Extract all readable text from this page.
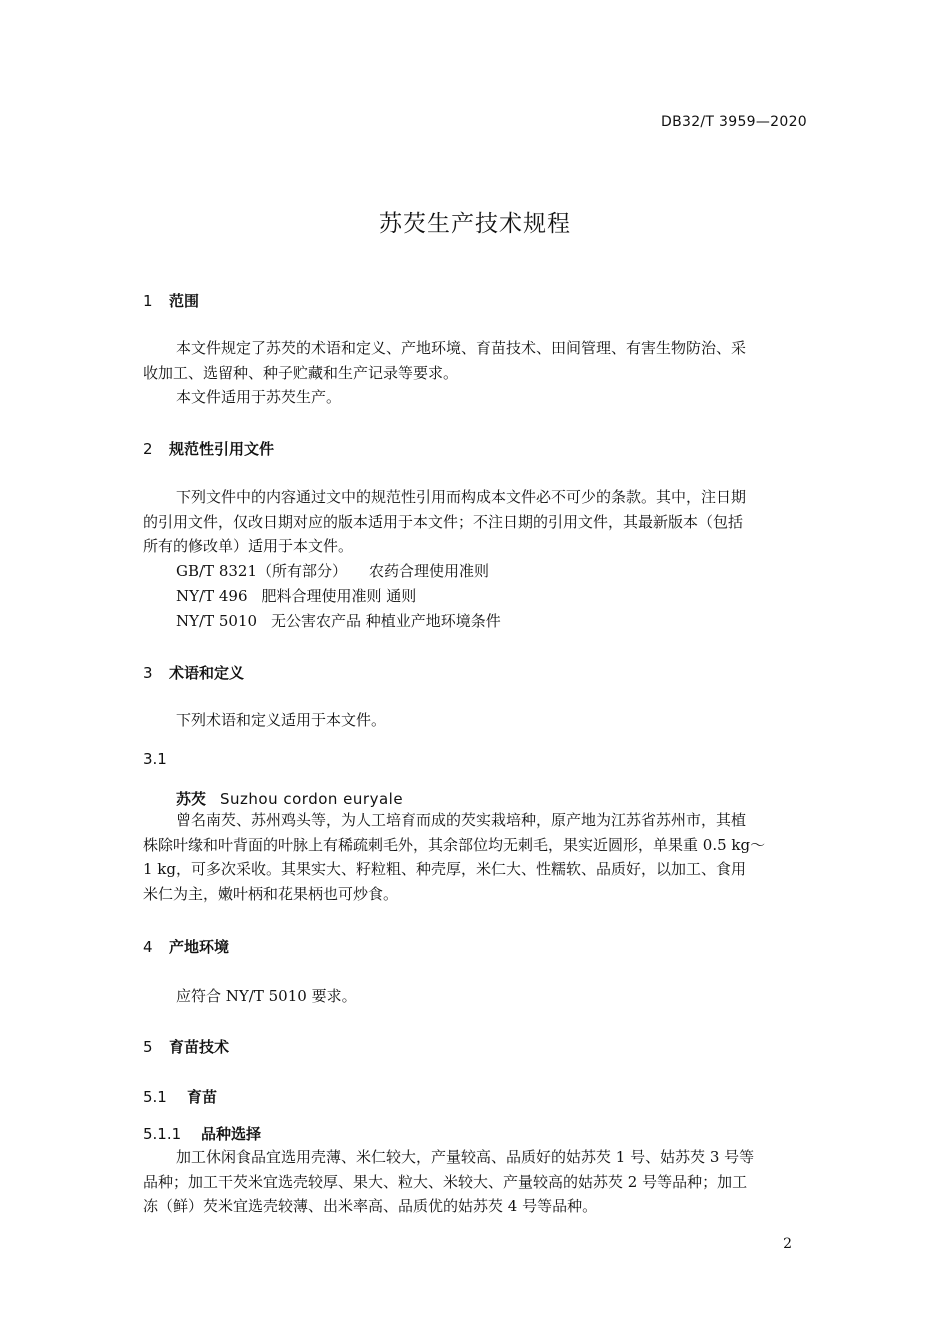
DB32/T 3959—2020
苏芡生产技术规程
1 范围
本文件规定了苏芡的术语和定义、产地环境、育苗技术、田间管理、有害生物防治、采
收加工、选留种、种子贮藏和生产记录等要求。
本文件适用于苏芡生产。
2 规范性引用文件
下列文件中的内容通过文中的规范性引用而构成本文件必不可少的条款。其中，注日期
的引用文件，仅改日期对应的版本适用于本文件；不注日期的引用文件，其最新版本（包括
所有的修改单）适用于本文件。
GB/T 8321（所有部分） 农药合理使用准则
NY/T 496 肥料合理使用准则 通则
NY/T 5010 无公害农产品 种植业产地环境条件
3 术语和定义
下列术语和定义适用于本文件。
3.1
苏芡 Suzhou cordon euryale
曾名南芡、苏州鸡头等，为人工培育而成的芡实栽培种，原产地为江苏省苏州市，其植
株除叶缘和叶背面的叶脉上有稀疏刺毛外，其余部位均无刺毛，果实近圆形，单果重 0.5 kg～
1 kg，可多次采收。其果实大、籽粒粗、种壳厚，米仁大、性糯软、品质好，以加工、食用
米仁为主，嫩叶柄和花果柄也可炒食。
4 产地环境
应符合 NY/T 5010 要求。
5 育苗技术
5.1 育苗
5.1.1 品种选择
加工休闲食品宜选用壳薄、米仁较大，产量较高、品质好的姑苏芡 1 号、姑苏芡 3 号等
品种；加工干芡米宜选壳较厚、果大、粒大、米较大、产量较高的姑苏芡 2 号等品种；加工
冻（鲜）芡米宜选壳较薄、出米率高、品质优的姑苏芡 4 号等品种。
2
